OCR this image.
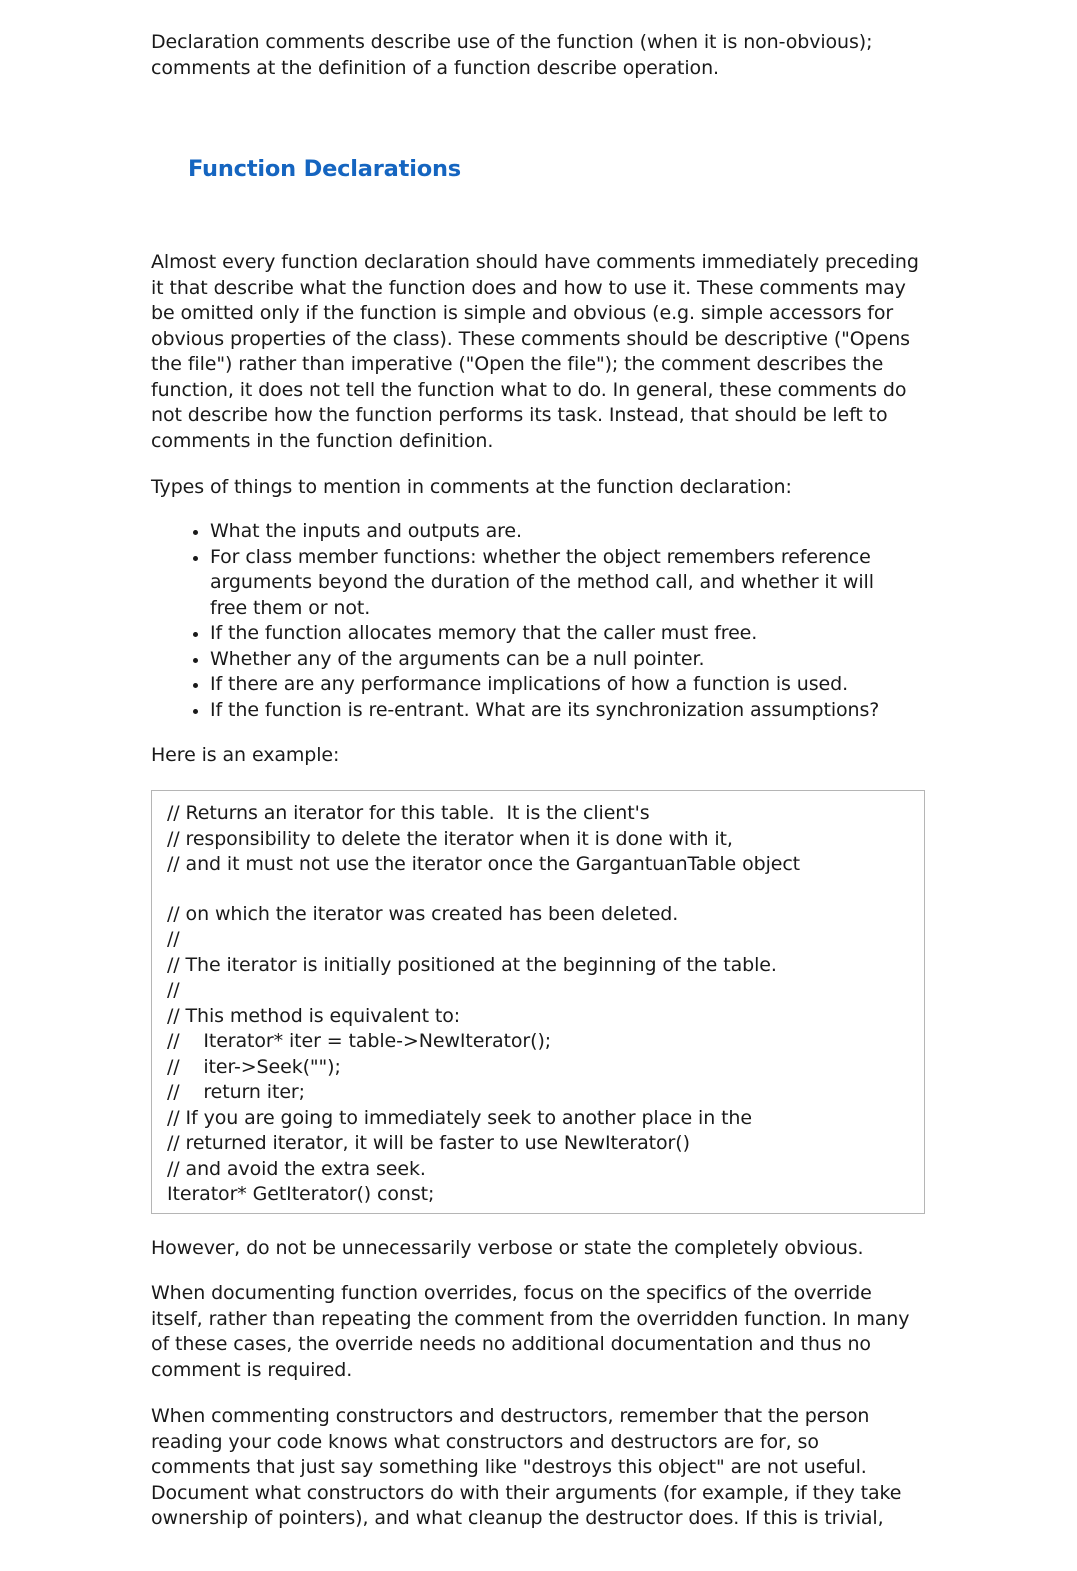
Declaration comments describe use of the function (when it is non-obvious); comments at the definition of a function describe operation.

Function Declarations

Almost every function declaration should have comments immediately preceding it that describe what the function does and how to use it. These comments may be omitted only if the function is simple and obvious (e.g. simple accessors for obvious properties of the class). These comments should be descriptive ("Opens the file") rather than imperative ("Open the file"); the comment describes the function, it does not tell the function what to do. In general, these comments do not describe how the function performs its task. Instead, that should be left to comments in the function definition.

Types of things to mention in comments at the function declaration:

• What the inputs and outputs are.
• For class member functions: whether the object remembers reference arguments beyond the duration of the method call, and whether it will free them or not.
• If the function allocates memory that the caller must free.
• Whether any of the arguments can be a null pointer.
• If there are any performance implications of how a function is used.
• If the function is re-entrant. What are its synchronization assumptions?

Here is an example:

// Returns an iterator for this table.  It is the client's
// responsibility to delete the iterator when it is done with it,
// and it must not use the iterator once the GargantuanTable object
// on which the iterator was created has been deleted.
//
// The iterator is initially positioned at the beginning of the table.
//
// This method is equivalent to:
//    Iterator* iter = table->NewIterator();
//    iter->Seek("");
//    return iter;
// If you are going to immediately seek to another place in the
// returned iterator, it will be faster to use NewIterator()
// and avoid the extra seek.
Iterator* GetIterator() const;

However, do not be unnecessarily verbose or state the completely obvious.

When documenting function overrides, focus on the specifics of the override itself, rather than repeating the comment from the overridden function. In many of these cases, the override needs no additional documentation and thus no comment is required.

When commenting constructors and destructors, remember that the person reading your code knows what constructors and destructors are for, so comments that just say something like "destroys this object" are not useful. Document what constructors do with their arguments (for example, if they take ownership of pointers), and what cleanup the destructor does. If this is trivial,
